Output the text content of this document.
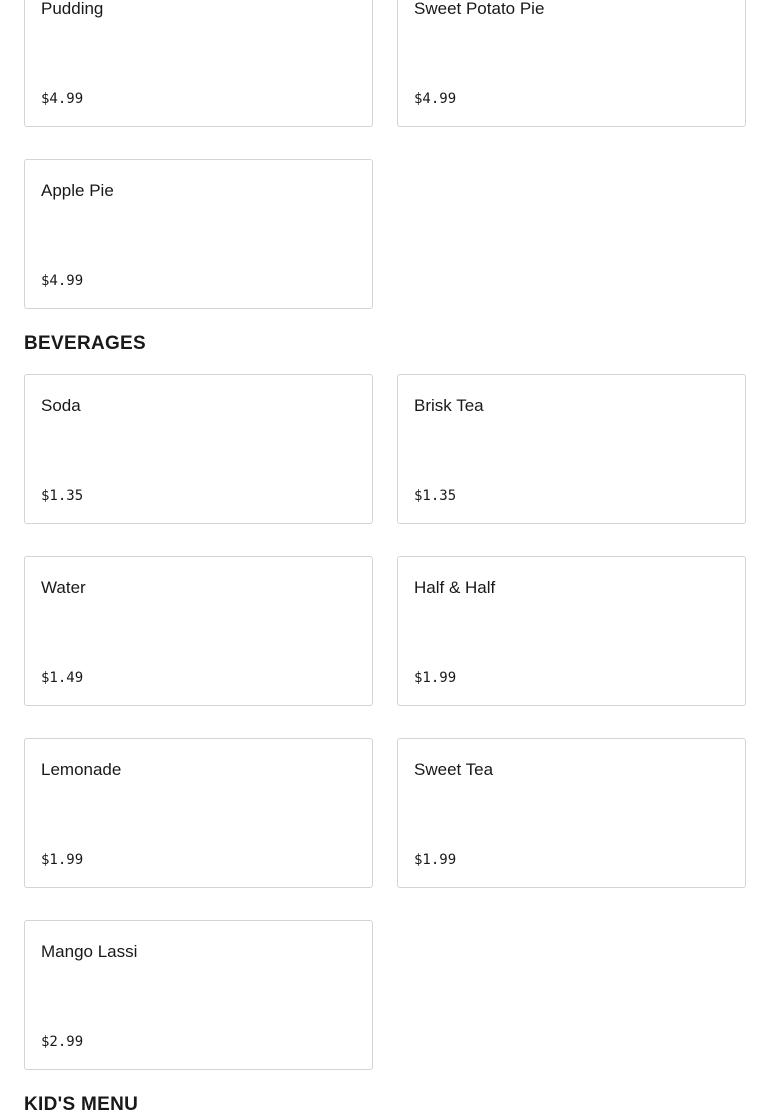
Pudding
$4.99
Sweet Potato Pie
$4.99
Apple Pie
$4.99
BEVERAGES
Soda
$1.35
Brisk Tea
$1.35
Water
$1.49
Half & Half
$1.99
Lemonade
$1.99
Sweet Tea
$1.99
Mango Lassi
$2.99
KID'S MENU
